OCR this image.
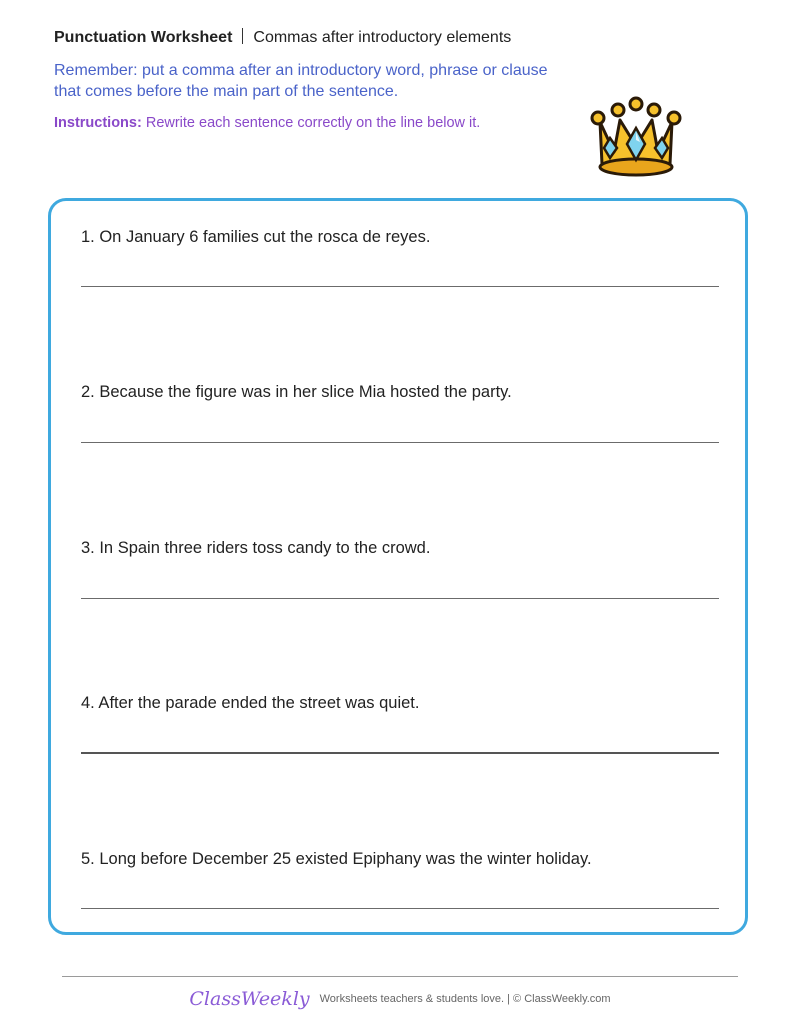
Punctuation Worksheet Commas after introductory elements
Remember: put a comma after an introductory word, phrase or clause that comes before the main part of the sentence.
Instructions: Rewrite each sentence correctly on the line below it.
1. On January 6 families cut the rosca de reyes.
2. Because the figure was in her slice Mia hosted the party.
3. In Spain three riders toss candy to the crowd.
4. After the parade ended the street was quiet.
5. Long before December 25 existed Epiphany was the winter holiday.
ClassWeekly Worksheets teachers & students love. | © ClassWeekly.com
